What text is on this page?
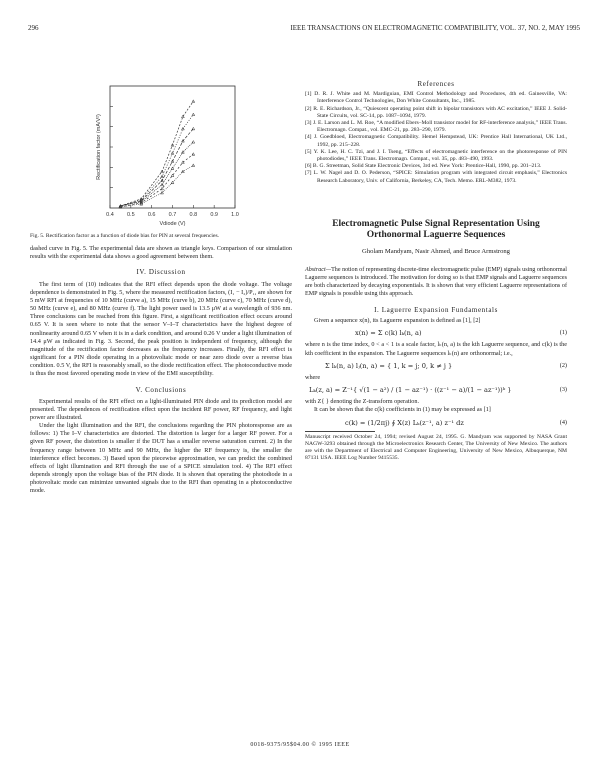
296	IEEE TRANSACTIONS ON ELECTROMAGNETIC COMPATIBILITY, VOL. 37, NO. 2, MAY 1995
0.4 0.5 0.6 0.7 0.8 0.9 1.0
Rectification factor (mA/V²)
Vdiode (V)

Fig. 5. Rectification factor as a function of diode bias for PIN at several frequencies.

dashed curve in Fig. 5. The experimental data are shown as triangle keys. Comparison of our simulation results with the experimental data shows a good agreement between them.

IV. Discussion

The first term of (10) indicates that the RFI effect depends upon the diode voltage. The voltage dependence is demonstrated in Fig. 5, where the measured rectification factors, (I₁ − I₂)/P₁, are shown for 5 mW RFI at frequencies of 10 MHz (curve a), 15 MHz (curve b), 20 MHz (curve c), 70 MHz (curve d), 50 MHz (curve e), and 80 MHz (curve f). The light power used is 13.5 μW at a wavelength of 936 nm. Three conclusions can be reached from this figure. First, a significant rectification effect occurs around 0.65 V. It is seen where to note that the sensor V–I–T characteristics have the highest degree of nonlinearity around 0.65 V when it is in a dark condition, and around 0.26 V under a light illumination of 14.4 μW as indicated in Fig. 3. Second, the peak position is independent of frequency, although the magnitude of the rectification factor decreases as the frequency increases. Finally, the RFI effect is significant for a PIN diode operating in a photovoltaic mode or near zero diode over a reverse bias condition. 0.5 V, the RFI is reasonably small, so the diode rectification effect. The photoconductive mode is thus the most favored operating mode in view of the EMI susceptibility.

V. Conclusions

Experimental results of the RFI effect on a light-illuminated PIN diode and its prediction model are presented. The dependences of rectification effect upon the incident RF power, RF frequency, and light power are illustrated.

Under the light illumination and the RFI, the conclusions regarding the PIN photoresponse are as follows: 1) The I–V characteristics are distorted. The distortion is larger for a larger RF power. For a given RF power, the distortion is smaller if the DUT has a smaller reverse saturation current. 2) In the frequency range between 10 MHz and 90 MHz, the higher the RF frequency is, the smaller the interference effect becomes. 3) Based upon the piecewise approximation, we can predict the combined effects of light illumination and RFI through the use of a SPICE simulation tool. 4) The RFI effect depends strongly upon the voltage bias of the PIN diode. It is shown that operating the photodiode in a photovoltaic mode can minimize unwanted signals due to the RFI than operating in a photoconductive mode.

References

[1] D. R. J. White and M. Mardiguian, EMI Control Methodology and Procedures, 4th ed. Gainesville, VA: Interference Control Technologies, Don White Consultants, Inc., 1985.

[2] R. E. Richardson, Jr., “Quiescent operating point shift in bipolar transistors with AC excitation,” IEEE J. Solid-State Circuits, vol. SC-14, pp. 1087–1094, 1979.

[3] J. E. Larson and L. M. Roe, “A modified Ebers–Moll transistor model for RF-interference analysis,” IEEE Trans. Electromagn. Compat., vol. EMC-21, pp. 283–290, 1979.

[4] J. Goedbloed, Electromagnetic Compatibility. Hemel Hempstead, UK: Prentice Hall International, UK Ltd., 1992, pp. 215–228.

[5] Y. K. Lee, H. C. Tzi, and J. I. Tseng, “Effects of electromagnetic interference on the photoresponse of PIN photodiodes,” IEEE Trans. Electromagn. Compat., vol. 35, pp. 483–490, 1993.

[6] B. G. Streetman, Solid State Electronic Devices, 3rd ed. New York: Prentice-Hall, 1990, pp. 201–213.

[7] L. W. Nagel and D. O. Pederson, “SPICE: Simulation program with integrated circuit emphasis,” Electronics Research Laboratory, Univ. of California, Berkeley, CA, Tech. Memo. ERL-M382, 1973.

Electromagnetic Pulse Signal Representation Using Orthonormal Laguerre Sequences

Gholam Mandyam, Nasir Ahmed, and Bruce Armstrong

Abstract—The notion of representing discrete-time electromagnetic pulse (EMP) signals using orthonormal Laguerre sequences is introduced. The motivation for doing so is that EMP signals and Laguerre sequences are both characterized by decaying exponentials. It is shown that very efficient Laguerre representations of EMP signals is possible using this approach.

I. Laguerre Expansion Fundamentals

Given a sequence x(n), its Laguerre expansion is defined as [1], [2]

x(n) = Σ c(k) lₖ(n, a)	(1)

where n is the time index, 0 < a < 1 is a scale factor, lₖ(n, a) is the kth Laguerre sequence, and c(k) is the kth coefficient in the expansion. The Laguerre sequences lₖ(n) are orthonormal; i.e.,

Σ lₖ(n, a) lⱼ(n, a) = { 1, k = j; 0, k ≠ j }	(2)

where

Lₖ(z, a) = Z⁻¹{ √(1 − a²) / (1 − az⁻¹) · ((z⁻¹ − a)/(1 − az⁻¹))ᵏ }	(3)

with Z{ } denoting the Z-transform operation.

It can be shown that the c(k) coefficients in (1) may be expressed as [1]

c(k) = (1/2πj) ∮ X(z) Lₖ(z⁻¹, a) z⁻¹ dz	(4)

Manuscript received October 24, 1994; revised August 24, 1995. G. Mandyam was supported by NASA Grant NAGW-3293 obtained through the Microelectronics Research Center, The University of New Mexico. The authors are with the Department of Electrical and Computer Engineering, University of New Mexico, Albuquerque, NM 87131 USA. IEEE Log Number 9415535.

0018-9375/95$04.00 © 1995 IEEE
